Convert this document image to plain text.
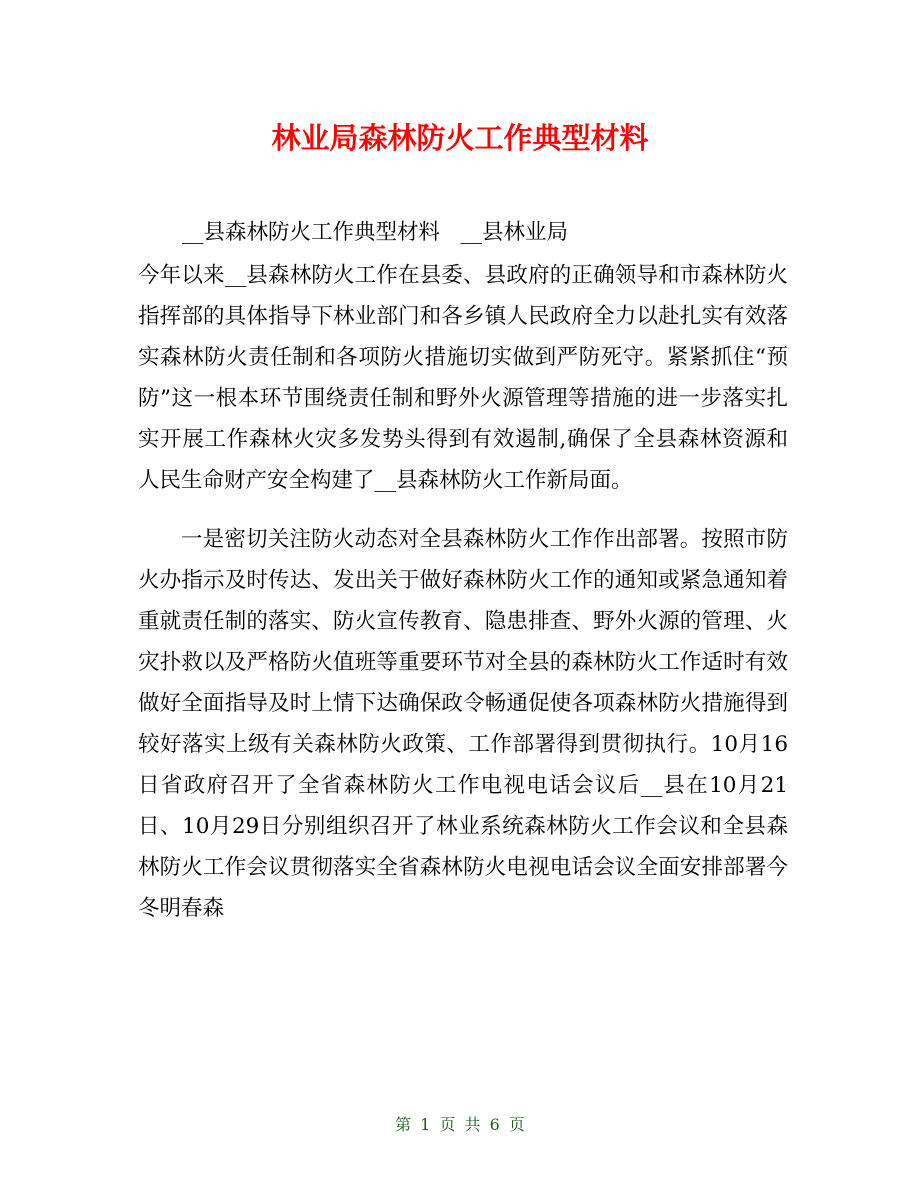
林业局森林防火工作典型材料
__县森林防火工作典型材料   __县林业局

今年以来__县森林防火工作在县委、县政府的正确领导和市森林防火指挥部的具体指导下林业部门和各乡镇人民政府全力以赴扎实有效落实森林防火责任制和各项防火措施切实做到严防死守。紧紧抓住“预防”这一根本环节围绕责任制和野外火源管理等措施的进一步落实扎实开展工作森林火灾多发势头得到有效遏制,确保了全县森林资源和人民生命财产安全构建了__县森林防火工作新局面。

一是密切关注防火动态对全县森林防火工作作出部署。按照市防火办指示及时传达、发出关于做好森林防火工作的通知或紧急通知着重就责任制的落实、防火宣传教育、隐患排查、野外火源的管理、火灾扑救以及严格防火值班等重要环节对全县的森林防火工作适时有效做好全面指导及时上情下达确保政令畅通促使各项森林防火措施得到较好落实上级有关森林防火政策、工作部署得到贯彻执行。10月16日省政府召开了全省森林防火工作电视电话会议后__县在10月21日、10月29日分别组织召开了林业系统森林防火工作会议和全县森林防火工作会议贯彻落实全省森林防火电视电话会议全面安排部署今冬明春森

第 1 页 共 6 页
